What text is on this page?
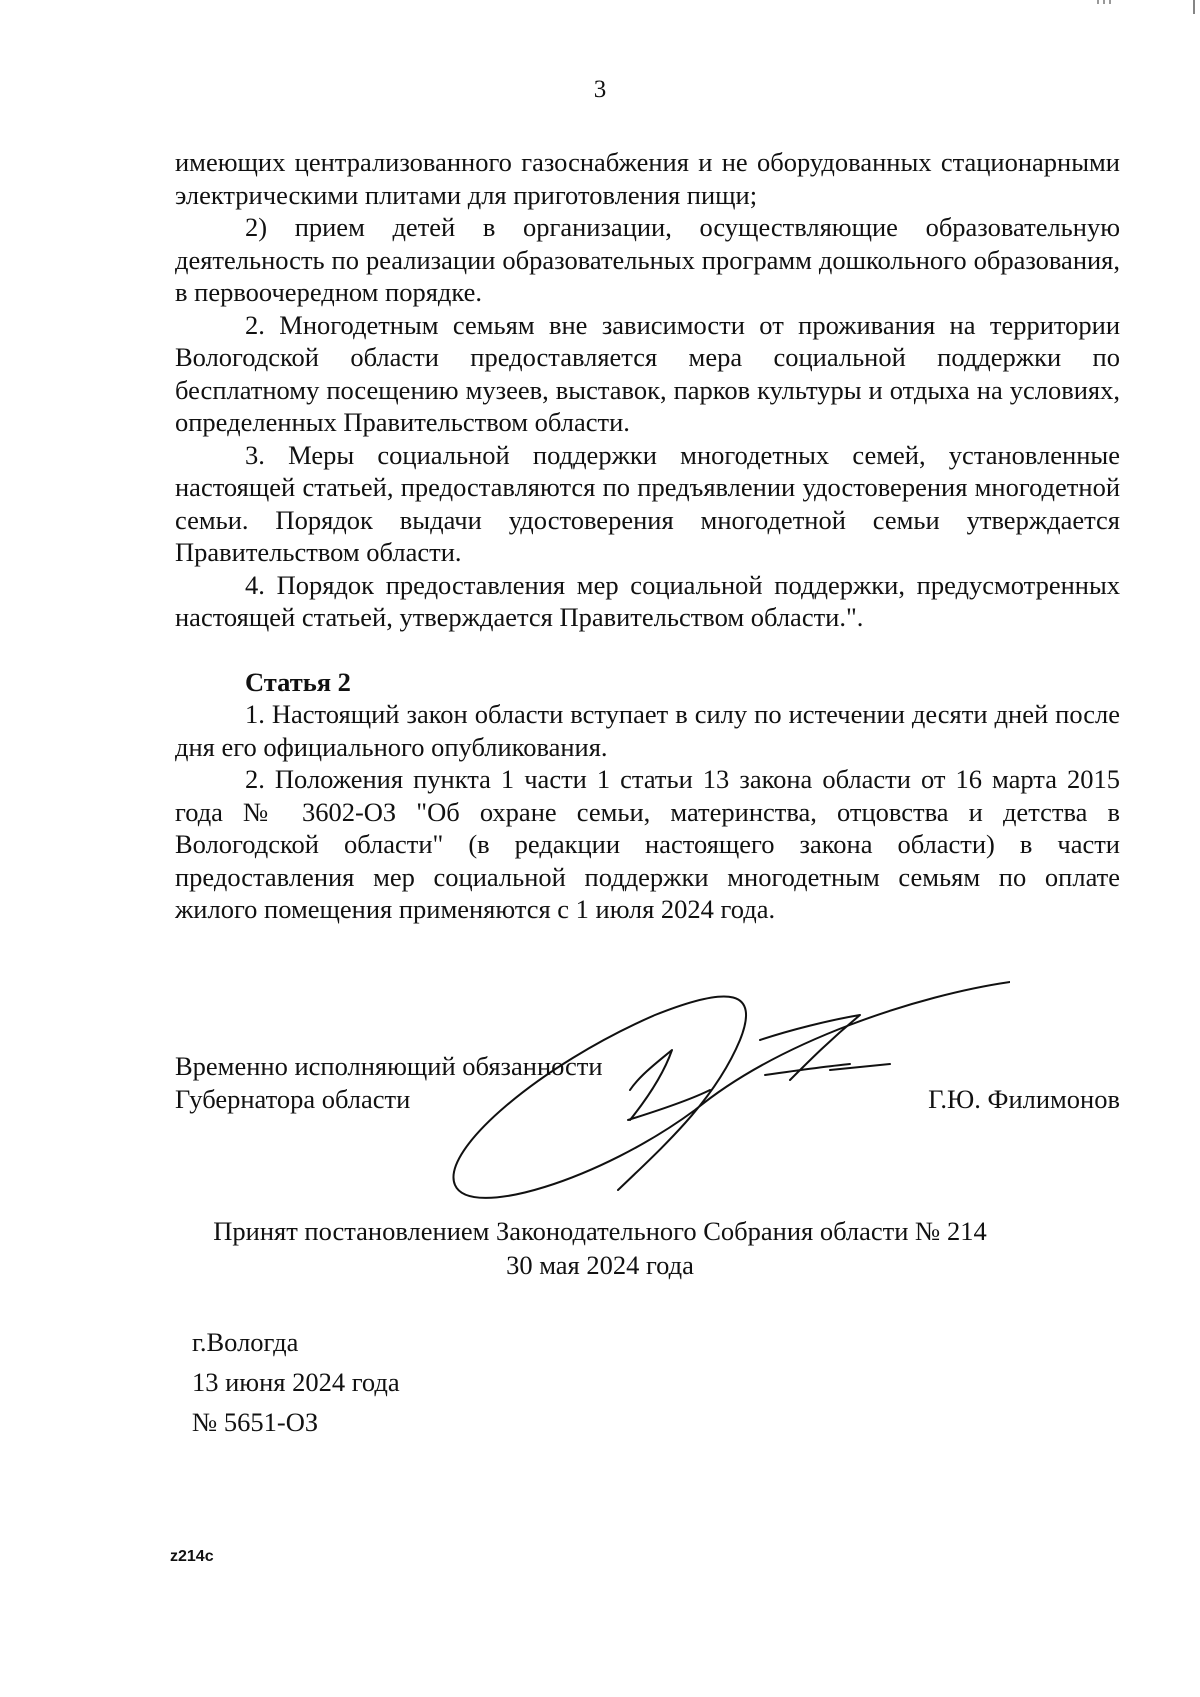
3

имеющих централизованного газоснабжения и не оборудованных стационарными электрическими плитами для приготовления пищи;

2) прием детей в организации, осуществляющие образовательную деятельность по реализации образовательных программ дошкольного образования, в первоочередном порядке.

2. Многодетным семьям вне зависимости от проживания на территории Вологодской области предоставляется мера социальной поддержки по бесплатному посещению музеев, выставок, парков культуры и отдыха на условиях, определенных Правительством области.

3. Меры социальной поддержки многодетных семей, установленные настоящей статьей, предоставляются по предъявлении удостоверения многодетной семьи. Порядок выдачи удостоверения многодетной семьи утверждается Правительством области.

4. Порядок предоставления мер социальной поддержки, предусмотренных настоящей статьей, утверждается Правительством области.".

Статья 2

1. Настоящий закон области вступает в силу по истечении десяти дней после дня его официального опубликования.

2. Положения пункта 1 части 1 статьи 13 закона области от 16 марта 2015 года № 3602-ОЗ "Об охране семьи, материнства, отцовства и детства в Вологодской области" (в редакции настоящего закона области) в части предоставления мер социальной поддержки многодетным семьям по оплате жилого помещения применяются с 1 июля 2024 года.

Временно исполняющий обязанности
Губернатора области	Г.Ю. Филимонов
Принят постановлением Законодательного Собрания области № 214
30 мая 2024 года
г.Вологда
13 июня 2024 года
№ 5651-ОЗ
z214c
